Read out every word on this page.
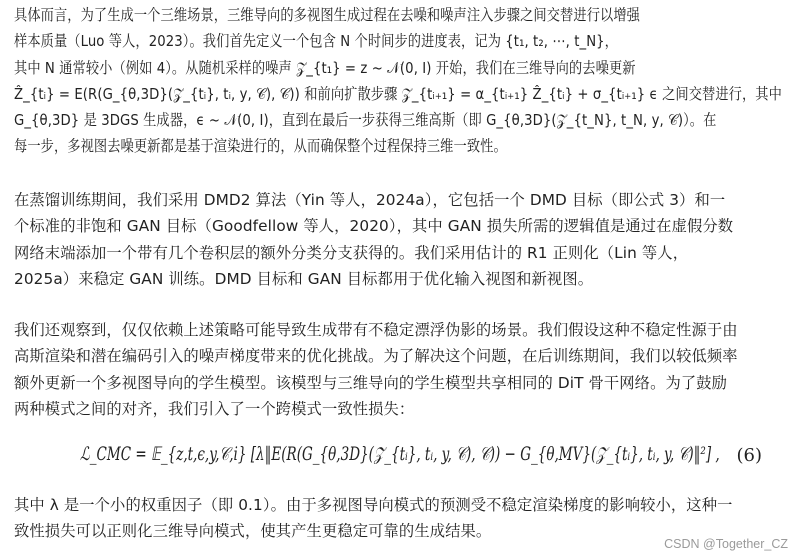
具体而言，为了生成一个三维场景，三维导向的多视图生成过程在去噪和噪声注入步骤之间交替进行以增强
样本质量（Luo 等人，2023）。我们首先定义一个包含 N 个时间步的进度表，记为 {t₁, t₂, ⋯, t_N}，
其中 N 通常较小（例如 4）。从随机采样的噪声 𝒵_{t₁} = z ~ 𝒩(0, I) 开始，我们在三维导向的去噪更新
Ẑ_{tᵢ} = E(R(G_{θ,3D}(𝒵_{tᵢ}, tᵢ, y, 𝒞), 𝒞)) 和前向扩散步骤 𝒵_{tᵢ₊₁} = α_{tᵢ₊₁} Ẑ_{tᵢ} + σ_{tᵢ₊₁} ϵ 之间交替进行，其中
G_{θ,3D} 是 3DGS 生成器，ϵ ~ 𝒩(0, I)，直到在最后一步获得三维高斯（即 G_{θ,3D}(𝒵_{t_N}, t_N, y, 𝒞)）。在
每一步，多视图去噪更新都是基于渲染进行的，从而确保整个过程保持三维一致性。
在蒸馏训练期间，我们采用 DMD2 算法（Yin 等人，2024a），它包括一个 DMD 目标（即公式 3）和一
个标准的非饱和 GAN 目标（Goodfellow 等人，2020），其中 GAN 损失所需的逻辑值是通过在虚假分数
网络末端添加一个带有几个卷积层的额外分类分支获得的。我们采用估计的 R1 正则化（Lin 等人，
2025a）来稳定 GAN 训练。DMD 目标和 GAN 目标都用于优化输入视图和新视图。
我们还观察到，仅仅依赖上述策略可能导致生成带有不稳定漂浮伪影的场景。我们假设这种不稳定性源于由
高斯渲染和潜在编码引入的噪声梯度带来的优化挑战。为了解决这个问题，在后训练期间，我们以较低频率
额外更新一个多视图导向的学生模型。该模型与三维导向的学生模型共享相同的 DiT 骨干网络。为了鼓励
两种模式之间的对齐，我们引入了一个跨模式一致性损失：
ℒ_CMC = 𝔼_{z,t,ϵ,y,𝒞,i} [λ‖E(R(G_{θ,3D}(𝒵_{tᵢ}, tᵢ, y, 𝒞), 𝒞)) − G_{θ,MV}(𝒵_{tᵢ}, tᵢ, y, 𝒞)‖²] , (6)
其中 λ 是一个小的权重因子（即 0.1）。由于多视图导向模式的预测受不稳定渲染梯度的影响较小，这种一
致性损失可以正则化三维导向模式，使其产生更稳定可靠的生成结果。
CSDN @Together_CZ
